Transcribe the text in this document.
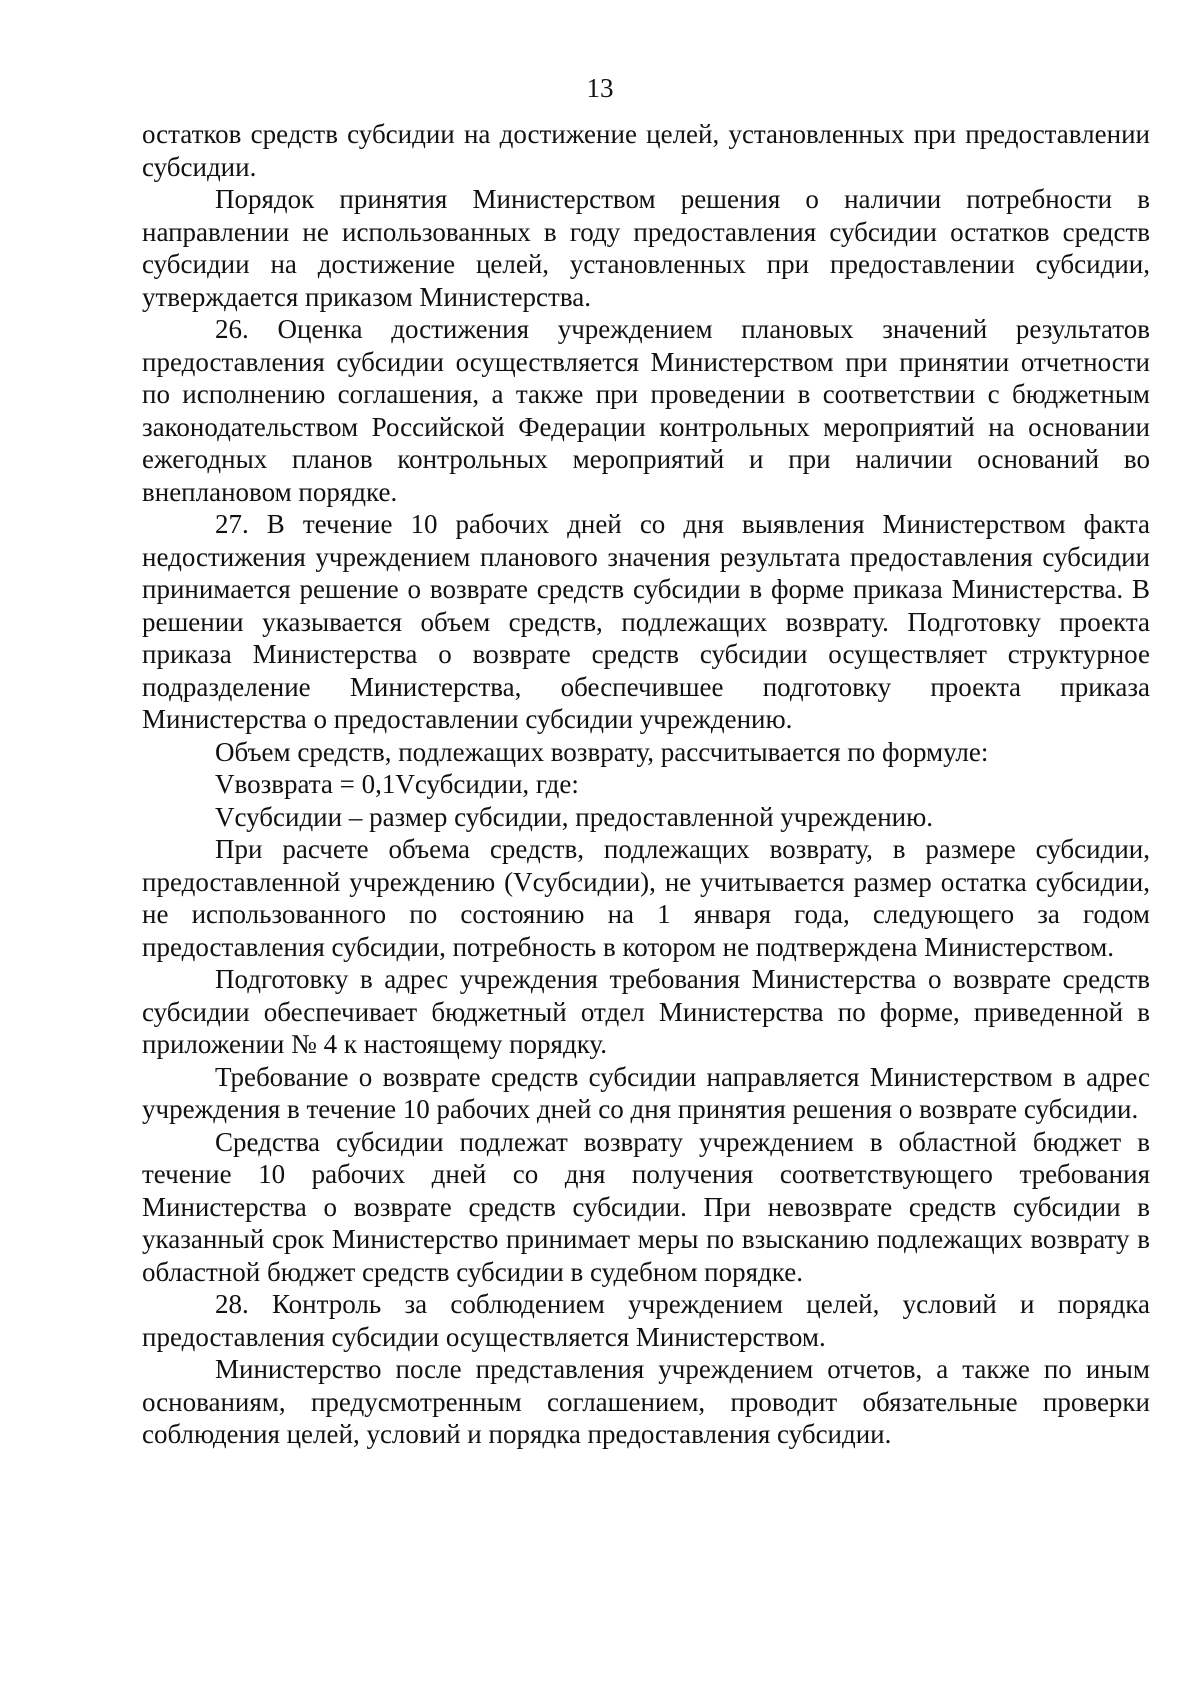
13

остатков средств субсидии на достижение целей, установленных при предоставлении субсидии.

Порядок принятия Министерством решения о наличии потребности в направлении не использованных в году предоставления субсидии остатков средств субсидии на достижение целей, установленных при предоставлении субсидии, утверждается приказом Министерства.

26. Оценка достижения учреждением плановых значений результатов предоставления субсидии осуществляется Министерством при принятии отчетности по исполнению соглашения, а также при проведении в соответствии с бюджетным законодательством Российской Федерации контрольных мероприятий на основании ежегодных планов контрольных мероприятий и при наличии оснований во внеплановом порядке.

27. В течение 10 рабочих дней со дня выявления Министерством факта недостижения учреждением планового значения результата предоставления субсидии принимается решение о возврате средств субсидии в форме приказа Министерства. В решении указывается объем средств, подлежащих возврату. Подготовку проекта приказа Министерства о возврате средств субсидии осуществляет структурное подразделение Министерства, обеспечившее подготовку проекта приказа Министерства о предоставлении субсидии учреждению.

Объем средств, подлежащих возврату, рассчитывается по формуле:

Vвозврата = 0,1Vсубсидии, где:

Vсубсидии – размер субсидии, предоставленной учреждению.

При расчете объема средств, подлежащих возврату, в размере субсидии, предоставленной учреждению (Vсубсидии), не учитывается размер остатка субсидии, не использованного по состоянию на 1 января года, следующего за годом предоставления субсидии, потребность в котором не подтверждена Министерством.

Подготовку в адрес учреждения требования Министерства о возврате средств субсидии обеспечивает бюджетный отдел Министерства по форме, приведенной в приложении № 4 к настоящему порядку.

Требование о возврате средств субсидии направляется Министерством в адрес учреждения в течение 10 рабочих дней со дня принятия решения о возврате субсидии.

Средства субсидии подлежат возврату учреждением в областной бюджет в течение 10 рабочих дней со дня получения соответствующего требования Министерства о возврате средств субсидии. При невозврате средств субсидии в указанный срок Министерство принимает меры по взысканию подлежащих возврату в областной бюджет средств субсидии в судебном порядке.

28. Контроль за соблюдением учреждением целей, условий и порядка предоставления субсидии осуществляется Министерством.

Министерство после представления учреждением отчетов, а также по иным основаниям, предусмотренным соглашением, проводит обязательные проверки соблюдения целей, условий и порядка предоставления субсидии.
